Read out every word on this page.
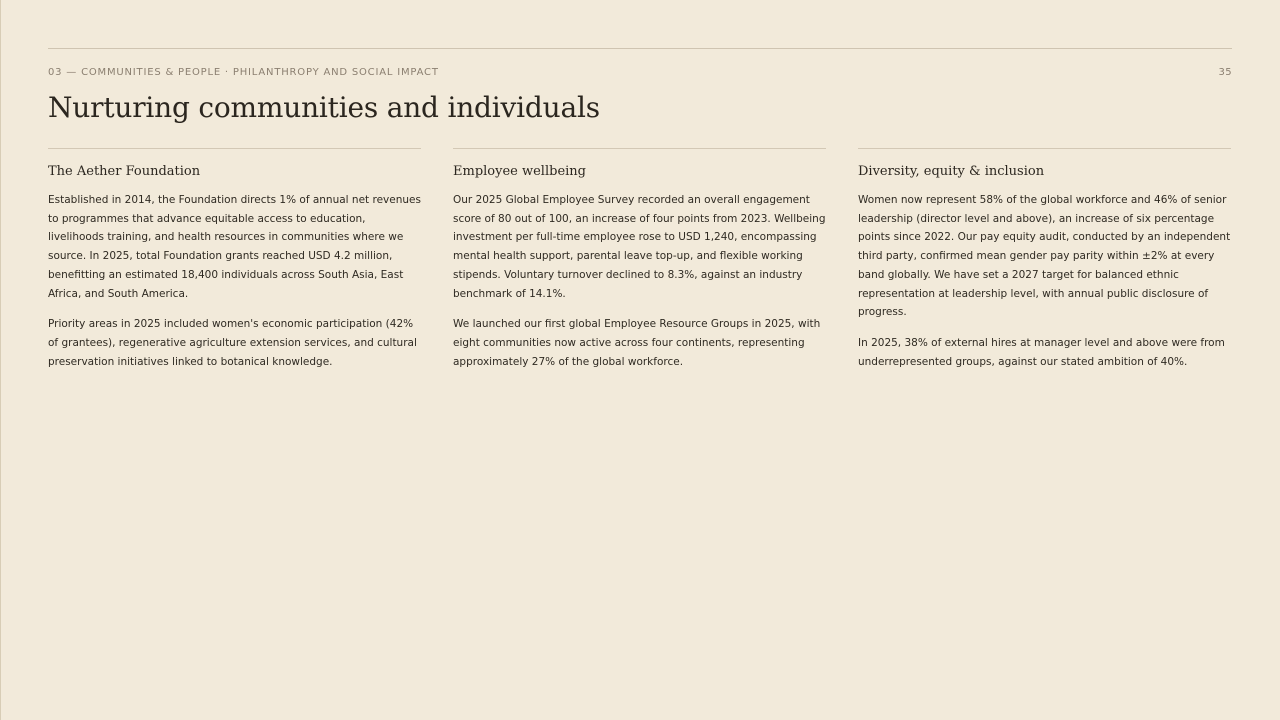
03 — COMMUNITIES & PEOPLE · PHILANTHROPY AND SOCIAL IMPACT	35
Nurturing communities and individuals
The Aether Foundation

Established in 2014, the Foundation directs 1% of annual net revenues to programmes that advance equitable access to education, livelihoods training, and health resources in communities where we source. In 2025, total Foundation grants reached USD 4.2 million, benefitting an estimated 18,400 individuals across South Asia, East Africa, and South America.

Priority areas in 2025 included women's economic participation (42% of grantees), regenerative agriculture extension services, and cultural preservation initiatives linked to botanical knowledge.

Employee wellbeing

Our 2025 Global Employee Survey recorded an overall engagement score of 80 out of 100, an increase of four points from 2023. Wellbeing investment per full-time employee rose to USD 1,240, encompassing mental health support, parental leave top-up, and flexible working stipends. Voluntary turnover declined to 8.3%, against an industry benchmark of 14.1%.

We launched our first global Employee Resource Groups in 2025, with eight communities now active across four continents, representing approximately 27% of the global workforce.

Diversity, equity & inclusion

Women now represent 58% of the global workforce and 46% of senior leadership (director level and above), an increase of six percentage points since 2022. Our pay equity audit, conducted by an independent third party, confirmed mean gender pay parity within ±2% at every band globally. We have set a 2027 target for balanced ethnic representation at leadership level, with annual public disclosure of progress.

In 2025, 38% of external hires at manager level and above were from underrepresented groups, against our stated ambition of 40%.
